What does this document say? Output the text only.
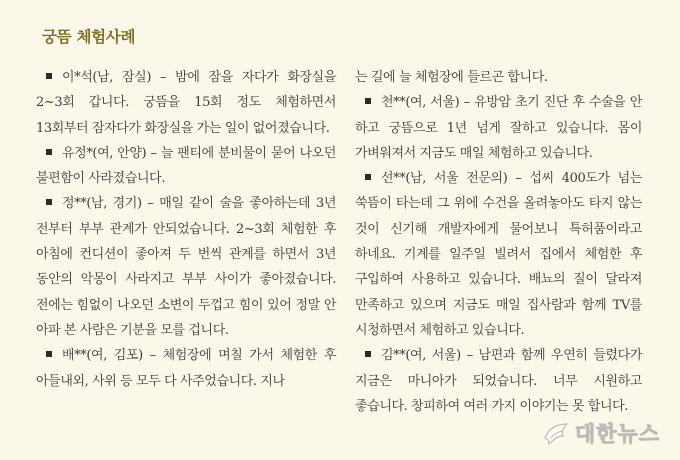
궁뜸 체험사례

이*석(남, 잠실) – 밤에 잠을 자다가 화장실을 2~3회 갑니다. 궁뜸을 15회 정도 체험하면서 13회부터 잠자다가 화장실을 가는 일이 없어졌습니다.

유정*(여, 안양) – 늘 팬티에 분비물이 묻어 나오던 불편함이 사라졌습니다.

정**(남, 경기) – 매일 같이 술을 좋아하는데 3년 전부터 부부 관계가 안되었습니다. 2~3회 체험한 후 아침에 컨디션이 좋아져 두 번씩 관계를 하면서 3년 동안의 악몽이 사라지고 부부 사이가 좋아졌습니다. 전에는 힘없이 나오던 소변이 두껍고 힘이 있어 정말 안 아파 본 사람은 기분을 모를 겁니다.

배**(여, 김포) – 체험장에 며칠 가서 체험한 후 아들내외, 사위 등 모두 다 사주었습니다. 지나

는 길에 늘 체험장에 들르곤 합니다.

천**(여, 서울) – 유방암 초기 진단 후 수술을 안 하고 궁뜸으로 1년 넘게 잘하고 있습니다. 몸이 가벼워져서 지금도 매일 체험하고 있습니다.

선**(남, 서울 전문의) – 섭씨 400도가 넘는 쑥뜸이 타는데 그 위에 수건을 올려놓아도 타지 않는 것이 신기해 개발자에게 물어보니 특허품이라고 하네요. 기계를 일주일 빌려서 집에서 체험한 후 구입하여 사용하고 있습니다. 배뇨의 질이 달라져 만족하고 있으며 지금도 매일 집사람과 함께 TV를 시청하면서 체험하고 있습니다.

김**(여, 서울) – 남편과 함께 우연히 들렸다가 지금은 마니아가 되었습니다. 너무 시원하고 좋습니다. 창피하여 여러 가지 이야기는 못 합니다.

대한뉴스
